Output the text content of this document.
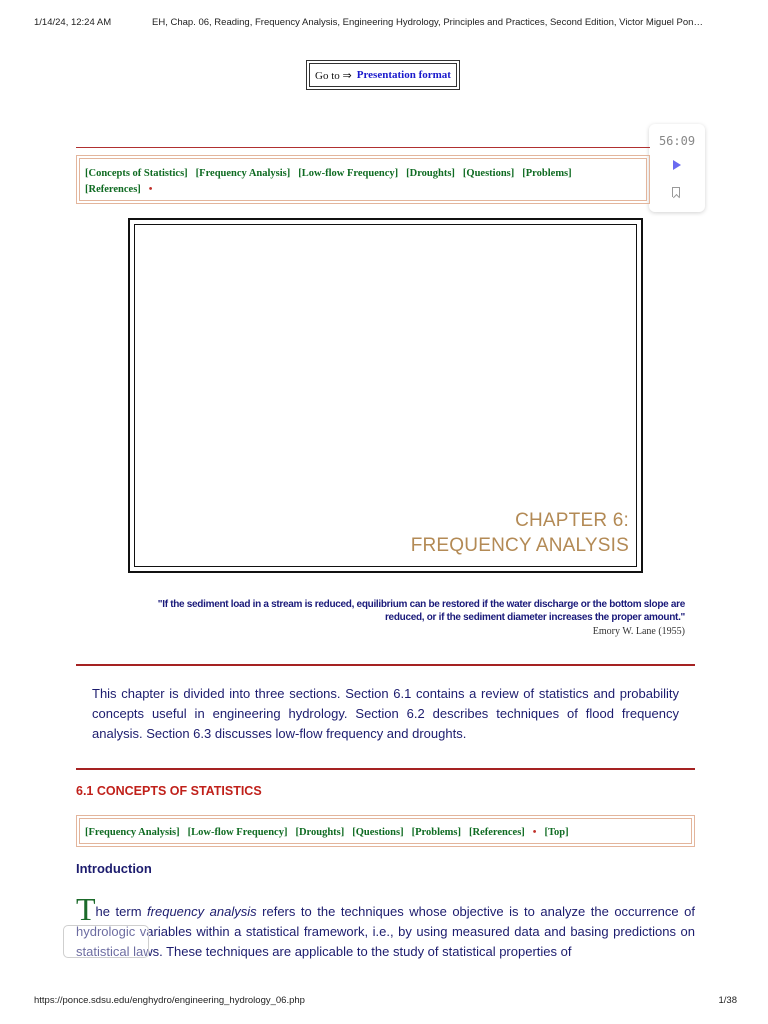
1/14/24, 12:24 AM	EH, Chap. 06, Reading, Frequency Analysis, Engineering Hydrology, Principles and Practices, Second Edition, Victor Miguel Pon…
Go to ⇒ Presentation format
56:09
[Concepts of Statistics] [Frequency Analysis] [Low-flow Frequency] [Droughts] [Questions] [Problems][References] •
CHAPTER 6:
FREQUENCY ANALYSIS
"If the sediment load in a stream is reduced, equilibrium can be restored if the water discharge or the bottom slope are reduced, or if the sediment diameter increases the proper amount."
Emory W. Lane (1955)
This chapter is divided into three sections. Section 6.1 contains a review of statistics and probability concepts useful in engineering hydrology. Section 6.2 describes techniques of flood frequency analysis. Section 6.3 discusses low-flow frequency and droughts.
6.1 CONCEPTS OF STATISTICS
[Frequency Analysis] [Low-flow Frequency] [Droughts] [Questions] [Problems] [References] • [Top]
Introduction
The term frequency analysis refers to the techniques whose objective is to analyze the occurrence of hydrologic variables within a statistical framework, i.e., by using measured data and basing predictions on statistical laws. These techniques are applicable to the study of statistical properties of
https://ponce.sdsu.edu/enghydro/engineering_hydrology_06.php	1/38
